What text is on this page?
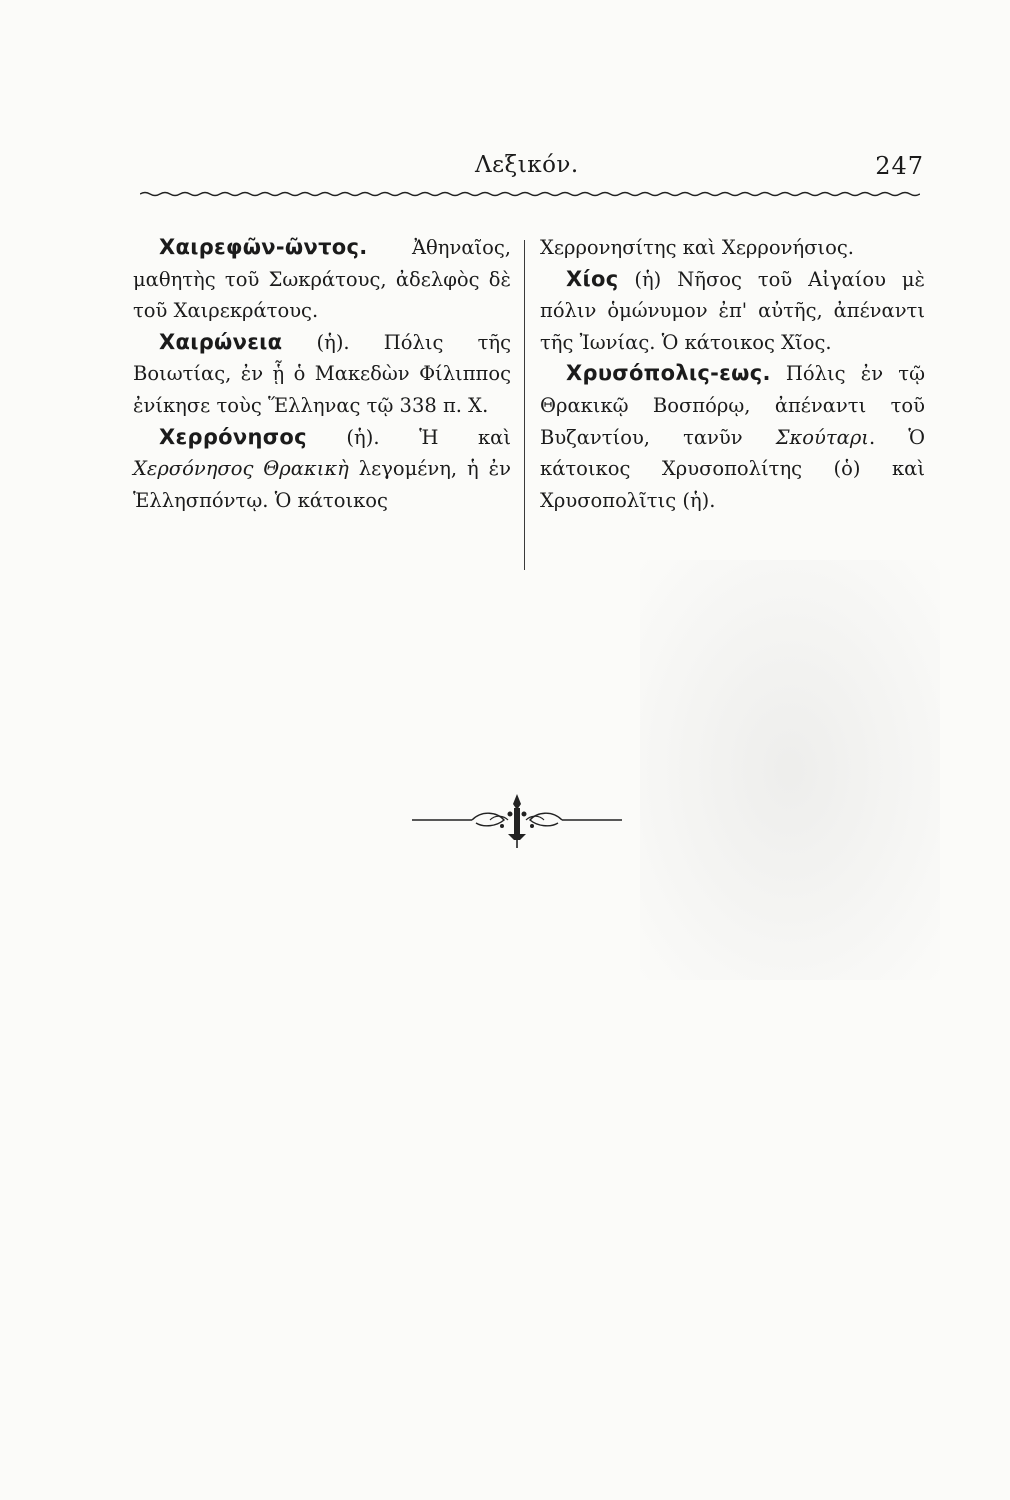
Λεξικόν.	247

Χαιρεφῶν-ῶντος. Ἀθηναῖος, μαθητὴς τοῦ Σωκράτους, ἀδελφὸς δὲ τοῦ Χαιρεκράτους.

Χαιρώνεια (ἡ). Πόλις τῆς Βοιωτίας, ἐν ᾗ ὁ Μακεδὼν Φίλιππος ἐνίκησε τοὺς Ἕλληνας τῷ 338 π. Χ.

Χερρόνησος (ἡ). Ἡ καὶ Χερσόνησος Θρακικὴ λεγομένη, ἡ ἐν Ἑλλησπόντῳ. Ὁ κάτοικος

Χερρονησίτης καὶ Χερρονήσιος.

Χίος (ἡ) Νῆσος τοῦ Αἰγαίου μὲ πόλιν ὁμώνυμον ἐπ' αὐτῆς, ἀπέναντι τῆς Ἰωνίας. Ὁ κάτοικος Χῖος.

Χρυσόπολις-εως. Πόλις ἐν τῷ Θρακικῷ Βοσπόρῳ, ἀπέναντι τοῦ Βυζαντίου, τανῦν Σκούταρι. Ὁ κάτοικος Χρυσοπολίτης (ὁ) καὶ Χρυσοπολῖτις (ἡ).
